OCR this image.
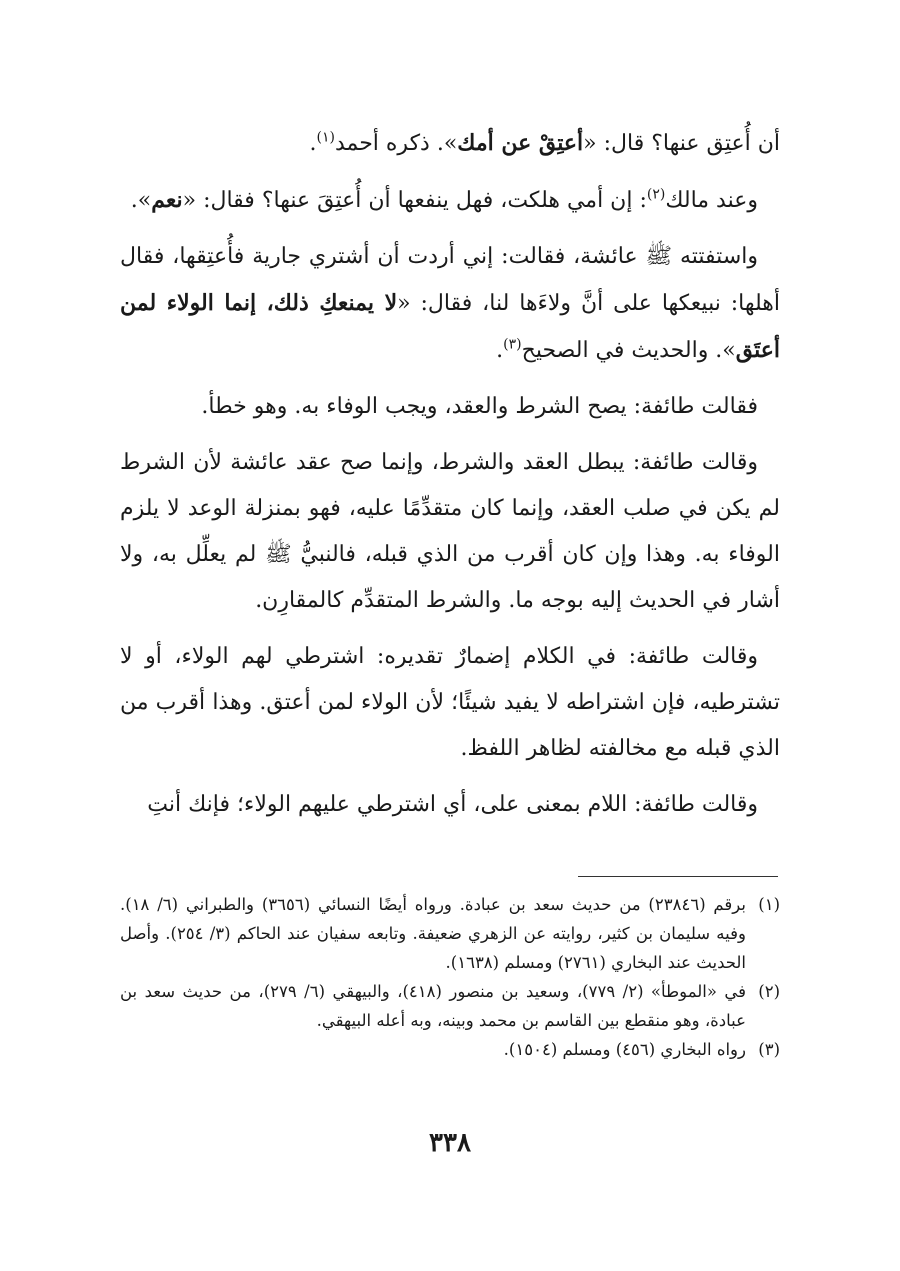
أن أُعتِق عنها؟ قال: «أعتِقْ عن أمك». ذكره أحمد$^{(١)}$.

وعند مالك$^{(٢)}$: إن أمي هلكت، فهل ينفعها أن أُعتِقَ عنها؟ فقال: «نعم».

واستفتته ﷺ عائشة، فقالت: إني أردت أن أشتري جارية فأُعتِقها، فقال أهلها: نبيعكها على أنَّ ولاءَها لنا، فقال: «لا يمنعكِ ذلك، إنما الولاء لمن أعتَق». والحديث في الصحيح$^{(٣)}$.

فقالت طائفة: يصح الشرط والعقد، ويجب الوفاء به. وهو خطأ.

وقالت طائفة: يبطل العقد والشرط، وإنما صح عقد عائشة لأن الشرط لم يكن في صلب العقد، وإنما كان متقدِّمًا عليه، فهو بمنزلة الوعد لا يلزم الوفاء به. وهذا وإن كان أقرب من الذي قبله، فالنبيُّ ﷺ لم يعلِّل به، ولا أشار في الحديث إليه بوجه ما. والشرط المتقدِّم كالمقارِن.

وقالت طائفة: في الكلام إضمارٌ تقديره: اشترطي لهم الولاء، أو لا تشترطيه، فإن اشتراطه لا يفيد شيئًا؛ لأن الولاء لمن أعتق. وهذا أقرب من الذي قبله مع مخالفته لظاهر اللفظ.

وقالت طائفة: اللام بمعنى على، أي اشترطي عليهم الولاء؛ فإنك أنتِ

(١)
برقم (٢٣٨٤٦) من حديث سعد بن عبادة. ورواه أيضًا النسائي (٣٦٥٦) والطبراني (٦/ ١٨). وفيه سليمان بن كثير، روايته عن الزهري ضعيفة. وتابعه سفيان عند الحاكم (٣/ ٢٥٤). وأصل الحديث عند البخاري (٢٧٦١) ومسلم (١٦٣٨).
(٢)
في «الموطأ» (٢/ ٧٧٩)، وسعيد بن منصور (٤١٨)، والبيهقي (٦/ ٢٧٩)، من حديث سعد بن عبادة، وهو منقطع بين القاسم بن محمد وبينه، وبه أعله البيهقي.
(٣)
رواه البخاري (٤٥٦) ومسلم (١٥٠٤).
٣٣٨
